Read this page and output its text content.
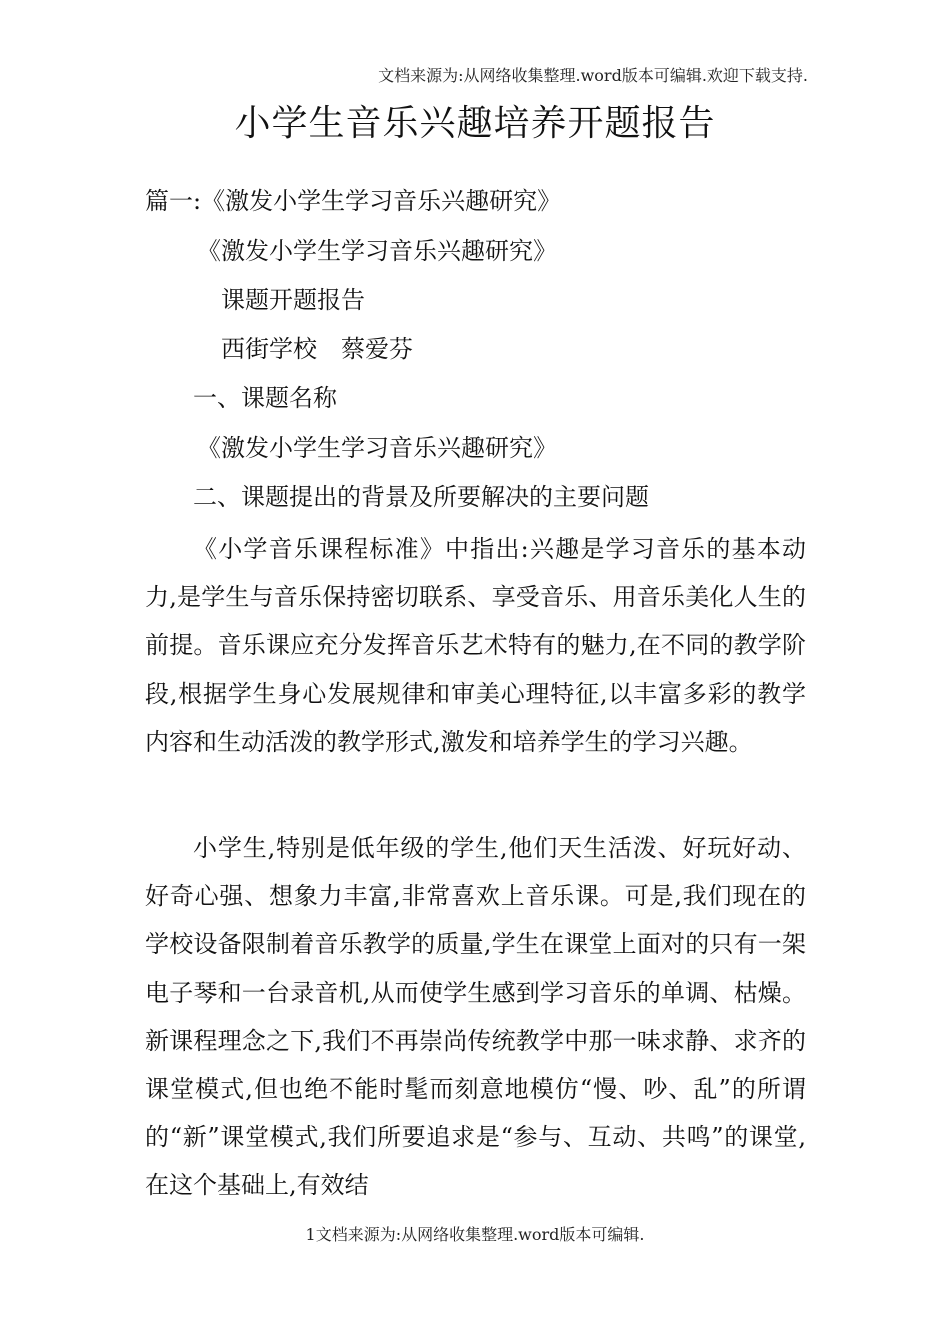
文档来源为:从网络收集整理.word版本可编辑.欢迎下载支持.
小学生音乐兴趣培养开题报告
篇一:《激发小学生学习音乐兴趣研究》
《激发小学生学习音乐兴趣研究》
课题开题报告
西街学校　蔡爱芬
一、课题名称
《激发小学生学习音乐兴趣研究》
二、课题提出的背景及所要解决的主要问题

《小学音乐课程标准》中指出:兴趣是学习音乐的基本动力,是学生与音乐保持密切联系、享受音乐、用音乐美化人生的前提。音乐课应充分发挥音乐艺术特有的魅力,在不同的教学阶段,根据学生身心发展规律和审美心理特征,以丰富多彩的教学内容和生动活泼的教学形式,激发和培养学生的学习兴趣。

小学生,特别是低年级的学生,他们天生活泼、好玩好动、好奇心强、想象力丰富,非常喜欢上音乐课。可是,我们现在的学校设备限制着音乐教学的质量,学生在课堂上面对的只有一架电子琴和一台录音机,从而使学生感到学习音乐的单调、枯燥。新课程理念之下,我们不再崇尚传统教学中那一味求静、求齐的课堂模式,但也绝不能时髦而刻意地模仿“慢、吵、乱”的所谓的“新”课堂模式,我们所要追求是“参与、互动、共鸣”的课堂,在这个基础上,有效结

1文档来源为:从网络收集整理.word版本可编辑.
